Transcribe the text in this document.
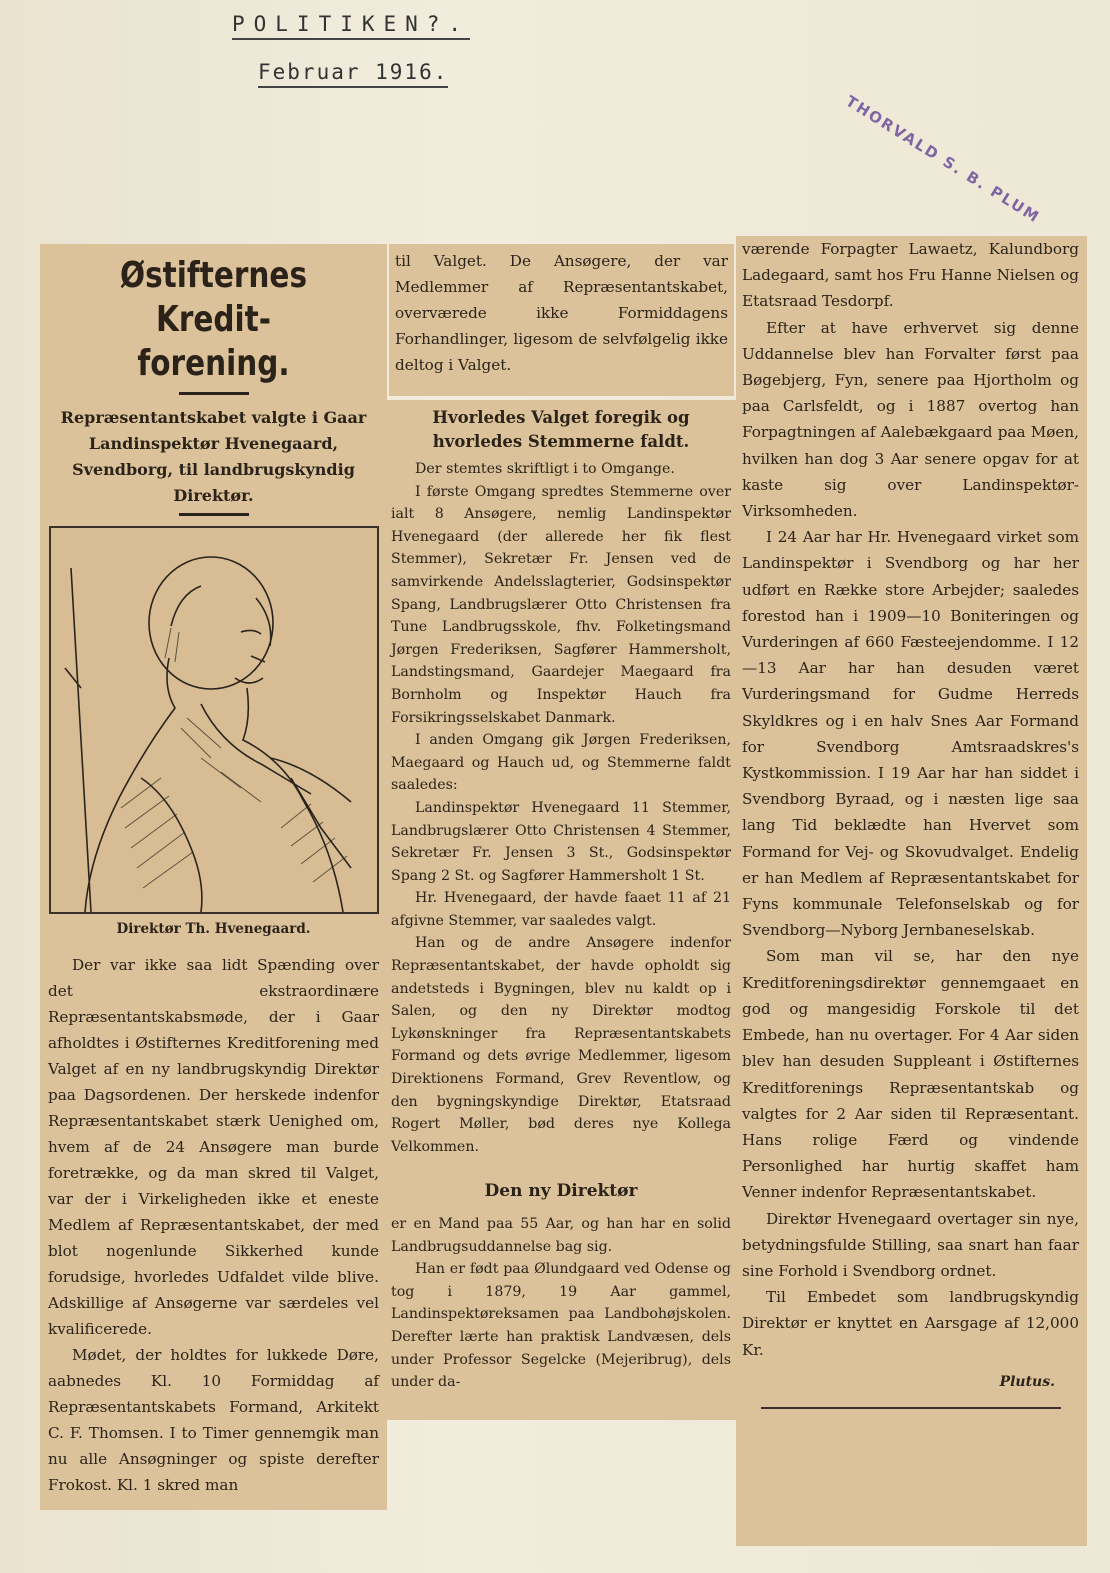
POLITIKEN?.
Februar 1916.
THORVALD S. B. PLUM
Østifternes Kredit-
forening.

Repræsentantskabet valgte i Gaar Landinspektør Hvenegaard, Svendborg, til landbrugskyndig Direktør.

Direktør Th. Hvenegaard.

Der var ikke saa lidt Spænding over det ekstraordinære Repræsentantskabsmøde, der i Gaar afholdtes i Østifternes Kreditforening med Valget af en ny landbrugskyndig Direktør paa Dagsordenen. Der herskede indenfor Repræsentantskabet stærk Uenighed om, hvem af de 24 Ansøgere man burde foretrække, og da man skred til Valget, var der i Virkeligheden ikke et eneste Medlem af Repræsentantskabet, der med blot nogenlunde Sikkerhed kunde forudsige, hvorledes Udfaldet vilde blive. Adskillige af Ansøgerne var særdeles vel kvalificerede.

Mødet, der holdtes for lukkede Døre, aabnedes Kl. 10 Formiddag af Repræsentantskabets Formand, Arkitekt C. F. Thomsen. I to Timer gennemgik man nu alle Ansøgninger og spiste derefter Frokost. Kl. 1 skred man

til Valget. De Ansøgere, der var Medlemmer af Repræsentantskabet, overværede ikke Formiddagens Forhandlinger, ligesom de selvfølgelig ikke deltog i Valget.

Hvorledes Valget foregik og hvorledes Stemmerne faldt.

Der stemtes skriftligt i to Omgange.

I første Omgang spredtes Stemmerne over ialt 8 Ansøgere, nemlig Landinspektør Hvenegaard (der allerede her fik flest Stemmer), Sekretær Fr. Jensen ved de samvirkende Andelsslagterier, Godsinspektør Spang, Landbrugslærer Otto Christensen fra Tune Landbrugsskole, fhv. Folketingsmand Jørgen Frederiksen, Sagfører Hammersholt, Landstingsmand, Gaardejer Maegaard fra Bornholm og Inspektør Hauch fra Forsikringsselskabet Danmark.

I anden Omgang gik Jørgen Frederiksen, Maegaard og Hauch ud, og Stemmerne faldt saaledes:

Landinspektør Hvenegaard 11 Stemmer, Landbrugslærer Otto Christensen 4 Stemmer, Sekretær Fr. Jensen 3 St., Godsinspektør Spang 2 St. og Sagfører Hammersholt 1 St.

Hr. Hvenegaard, der havde faaet 11 af 21 afgivne Stemmer, var saaledes valgt.

Han og de andre Ansøgere indenfor Repræsentantskabet, der havde opholdt sig andetsteds i Bygningen, blev nu kaldt op i Salen, og den ny Direktør modtog Lykønskninger fra Repræsentantskabets Formand og dets øvrige Medlemmer, ligesom Direktionens Formand, Grev Reventlow, og den bygningskyndige Direktør, Etatsraad Rogert Møller, bød deres nye Kollega Velkommen.

Den ny Direktør

er en Mand paa 55 Aar, og han har en solid Landbrugsuddannelse bag sig.

Han er født paa Ølundgaard ved Odense og tog i 1879, 19 Aar gammel, Landinspektøreksamen paa Landbohøjskolen. Derefter lærte han praktisk Landvæsen, dels under Professor Segelcke (Mejeribrug), dels under da-

værende Forpagter Lawaetz, Kalundborg Ladegaard, samt hos Fru Hanne Nielsen og Etatsraad Tesdorpf.

Efter at have erhvervet sig denne Uddannelse blev han Forvalter først paa Bøgebjerg, Fyn, senere paa Hjortholm og paa Carlsfeldt, og i 1887 overtog han Forpagtningen af Aalebækgaard paa Møen, hvilken han dog 3 Aar senere opgav for at kaste sig over Landinspektør-Virksomheden.

I 24 Aar har Hr. Hvenegaard virket som Landinspektør i Svendborg og har her udført en Række store Arbejder; saaledes forestod han i 1909—10 Boniteringen og Vurderingen af 660 Fæsteejendomme. I 12—13 Aar har han desuden været Vurderingsmand for Gudme Herreds Skyldkres og i en halv Snes Aar Formand for Svendborg Amtsraadskres's Kystkommission. I 19 Aar har han siddet i Svendborg Byraad, og i næsten lige saa lang Tid beklædte han Hvervet som Formand for Vej- og Skovudvalget. Endelig er han Medlem af Repræsentantskabet for Fyns kommunale Telefonselskab og for Svendborg—Nyborg Jernbaneselskab.

Som man vil se, har den nye Kreditforeningsdirektør gennemgaaet en god og mangesidig Forskole til det Embede, han nu overtager. For 4 Aar siden blev han desuden Suppleant i Østifternes Kreditforenings Repræsentantskab og valgtes for 2 Aar siden til Repræsentant. Hans rolige Færd og vindende Personlighed har hurtig skaffet ham Venner indenfor Repræsentantskabet.

Direktør Hvenegaard overtager sin nye, betydningsfulde Stilling, saa snart han faar sine Forhold i Svendborg ordnet.

Til Embedet som landbrugskyndig Direktør er knyttet en Aarsgage af 12,000 Kr.

Plutus.
